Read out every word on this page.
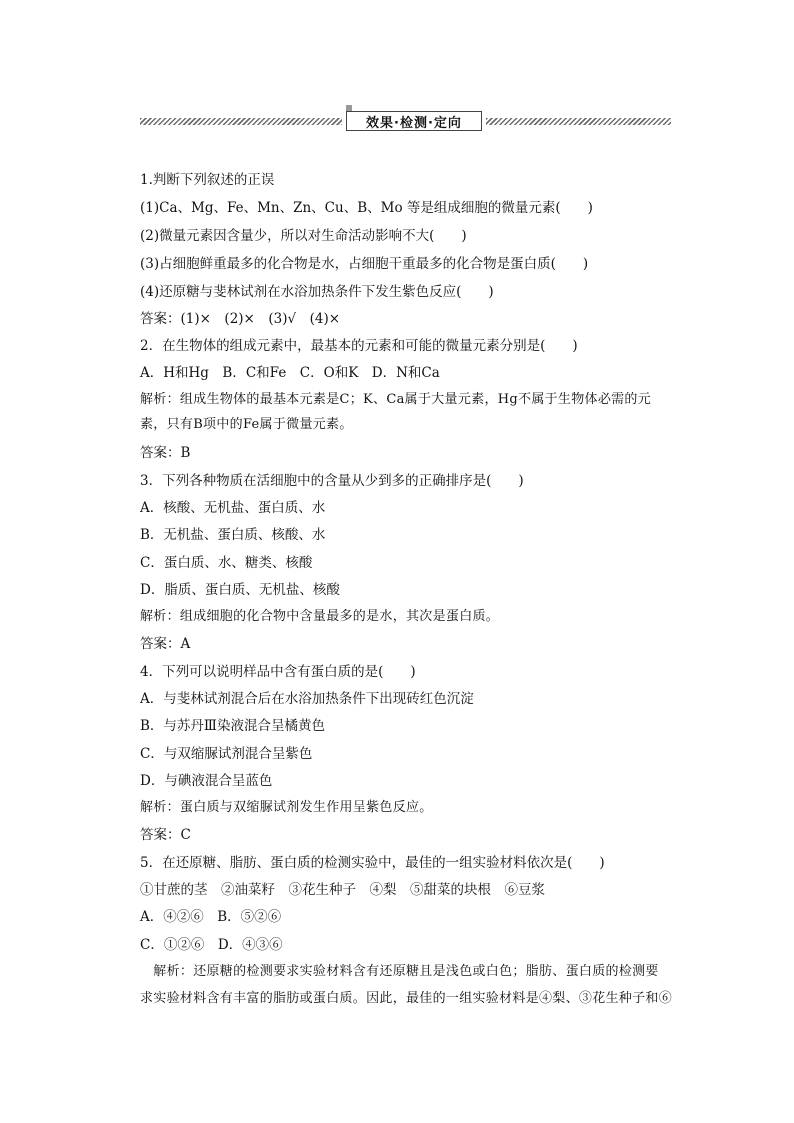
效果·检测·定向
1.判断下列叙述的正误
(1)Ca、Mg、Fe、Mn、Zn、Cu、B、Mo 等是组成细胞的微量元素(　　)
(2)微量元素因含量少，所以对生命活动影响不大(　　)
(3)占细胞鲜重最多的化合物是水，占细胞干重最多的化合物是蛋白质(　　)
(4)还原糖与斐林试剂在水浴加热条件下发生紫色反应(　　)
答案：(1)×　(2)×　(3)√　(4)×
2．在生物体的组成元素中，最基本的元素和可能的微量元素分别是(　　)
A．H和Hg　B．C和Fe　C．O和K　D．N和Ca
解析：组成生物体的最基本元素是C；K、Ca属于大量元素，Hg不属于生物体必需的元
素，只有B项中的Fe属于微量元素。
答案：B
3．下列各种物质在活细胞中的含量从少到多的正确排序是(　　)
A．核酸、无机盐、蛋白质、水
B．无机盐、蛋白质、核酸、水
C．蛋白质、水、糖类、核酸
D．脂质、蛋白质、无机盐、核酸
解析：组成细胞的化合物中含量最多的是水，其次是蛋白质。
答案：A
4．下列可以说明样品中含有蛋白质的是(　　)
A．与斐林试剂混合后在水浴加热条件下出现砖红色沉淀
B．与苏丹Ⅲ染液混合呈橘黄色
C．与双缩脲试剂混合呈紫色
D．与碘液混合呈蓝色
解析：蛋白质与双缩脲试剂发生作用呈紫色反应。
答案：C
5．在还原糖、脂肪、蛋白质的检测实验中，最佳的一组实验材料依次是(　　)
①甘蔗的茎　②油菜籽　③花生种子　④梨　⑤甜菜的块根　⑥豆浆
A．④②⑥　B．⑤②⑥
C．①②⑥　D．④③⑥
　解析：还原糖的检测要求实验材料含有还原糖且是浅色或白色；脂肪、蛋白质的检测要
求实验材料含有丰富的脂肪或蛋白质。因此，最佳的一组实验材料是④梨、③花生种子和⑥
